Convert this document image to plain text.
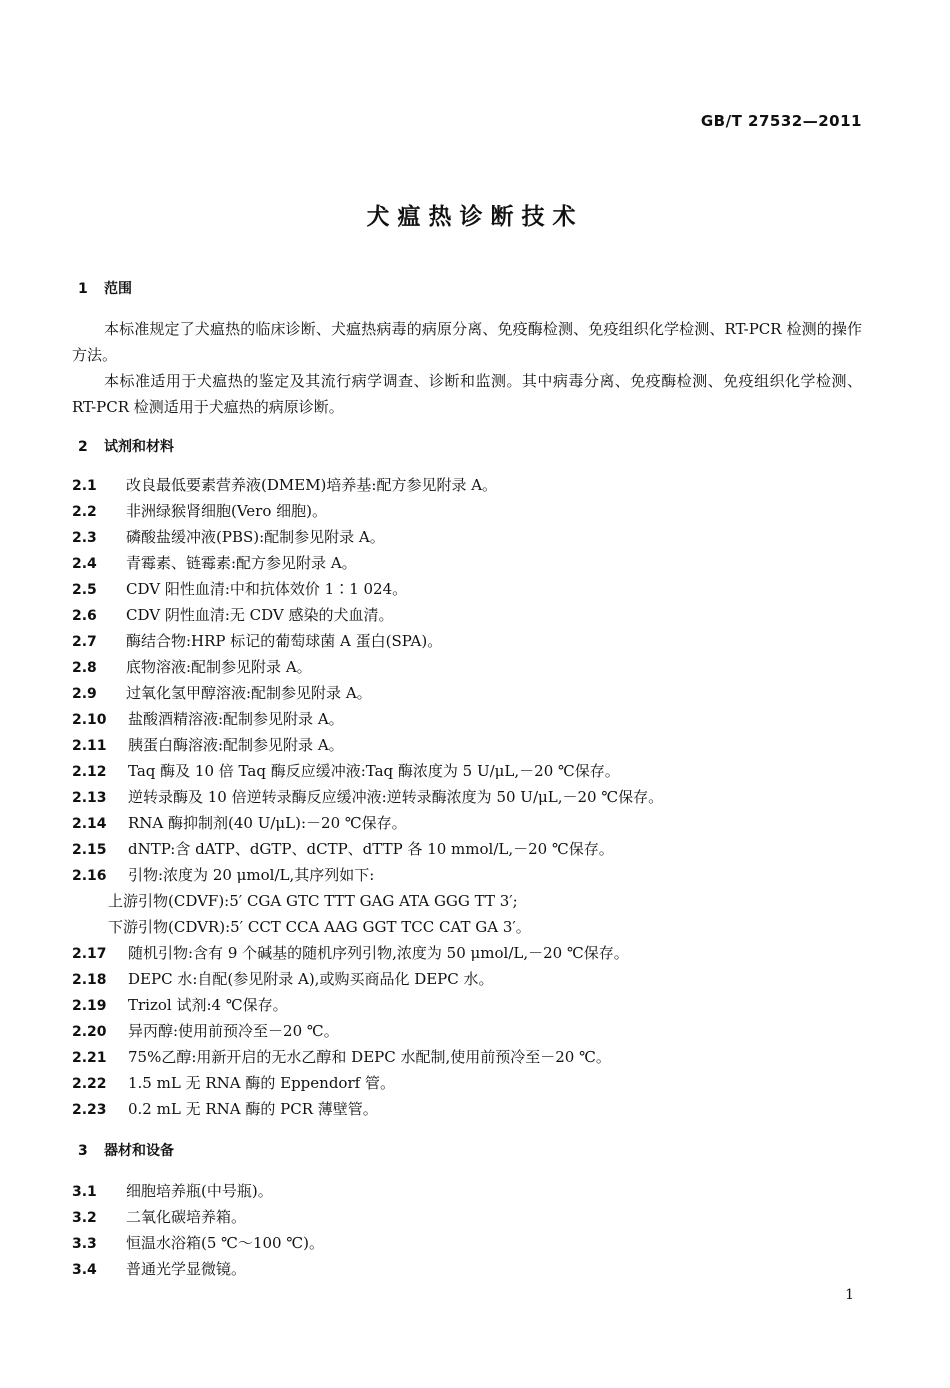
GB/T 27532—2011
犬瘟热诊断技术
1 范围

本标准规定了犬瘟热的临床诊断、犬瘟热病毒的病原分离、免疫酶检测、免疫组织化学检测、RT-PCR 检测的操作方法。

本标准适用于犬瘟热的鉴定及其流行病学调查、诊断和监测。其中病毒分离、免疫酶检测、免疫组织化学检测、RT-PCR 检测适用于犬瘟热的病原诊断。

2 试剂和材料
2.1 改良最低要素营养液(DMEM)培养基:配方参见附录 A。
2.2 非洲绿猴肾细胞(Vero 细胞)。
2.3 磷酸盐缓冲液(PBS):配制参见附录 A。
2.4 青霉素、链霉素:配方参见附录 A。
2.5 CDV 阳性血清:中和抗体效价 1∶1 024。
2.6 CDV 阴性血清:无 CDV 感染的犬血清。
2.7 酶结合物:HRP 标记的葡萄球菌 A 蛋白(SPA)。
2.8 底物溶液:配制参见附录 A。
2.9 过氧化氢甲醇溶液:配制参见附录 A。
2.10 盐酸酒精溶液:配制参见附录 A。
2.11 胰蛋白酶溶液:配制参见附录 A。
2.12 Taq 酶及 10 倍 Taq 酶反应缓冲液:Taq 酶浓度为 5 U/μL,－20 ℃保存。
2.13 逆转录酶及 10 倍逆转录酶反应缓冲液:逆转录酶浓度为 50 U/μL,－20 ℃保存。
2.14 RNA 酶抑制剂(40 U/μL):－20 ℃保存。
2.15 dNTP:含 dATP、dGTP、dCTP、dTTP 各 10 mmol/L,－20 ℃保存。
2.16 引物:浓度为 20 μmol/L,其序列如下:
上游引物(CDVF):5′ CGA GTC TTT GAG ATA GGG TT 3′;
下游引物(CDVR):5′ CCT CCA AAG GGT TCC CAT GA 3′。
2.17 随机引物:含有 9 个碱基的随机序列引物,浓度为 50 μmol/L,－20 ℃保存。
2.18 DEPC 水:自配(参见附录 A),或购买商品化 DEPC 水。
2.19 Trizol 试剂:4 ℃保存。
2.20 异丙醇:使用前预冷至－20 ℃。
2.21 75%乙醇:用新开启的无水乙醇和 DEPC 水配制,使用前预冷至－20 ℃。
2.22 1.5 mL 无 RNA 酶的 Eppendorf 管。
2.23 0.2 mL 无 RNA 酶的 PCR 薄壁管。
3 器材和设备
3.1 细胞培养瓶(中号瓶)。
3.2 二氧化碳培养箱。
3.3 恒温水浴箱(5 ℃～100 ℃)。
3.4 普通光学显微镜。
1
